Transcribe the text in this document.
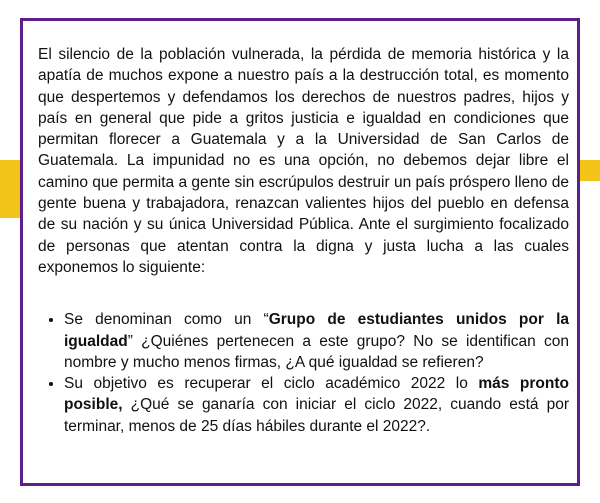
El silencio de la población vulnerada, la pérdida de memoria histórica y la apatía de muchos expone a nuestro país a la destrucción total, es momento que despertemos y defendamos los derechos de nuestros padres, hijos y país en general que pide a gritos justicia e igualdad en condiciones que permitan florecer a Guatemala y a la Universidad de San Carlos de Guatemala. La impunidad no es una opción, no debemos dejar libre el camino que permita a gente sin escrúpulos destruir un país próspero lleno de gente buena y trabajadora, renazcan valientes hijos del pueblo en defensa de su nación y su única Universidad Pública. Ante el surgimiento focalizado de personas que atentan contra la digna y justa lucha a las cuales exponemos lo siguiente:

• Se denominan como un “Grupo de estudiantes unidos por la igualdad” ¿Quiénes pertenecen a este grupo? No se identifican con nombre y mucho menos firmas, ¿A qué igualdad se refieren?
• Su objetivo es recuperar el ciclo académico 2022 lo más pronto posible, ¿Qué se ganaría con iniciar el ciclo 2022, cuando está por terminar, menos de 25 días hábiles durante el 2022?.
